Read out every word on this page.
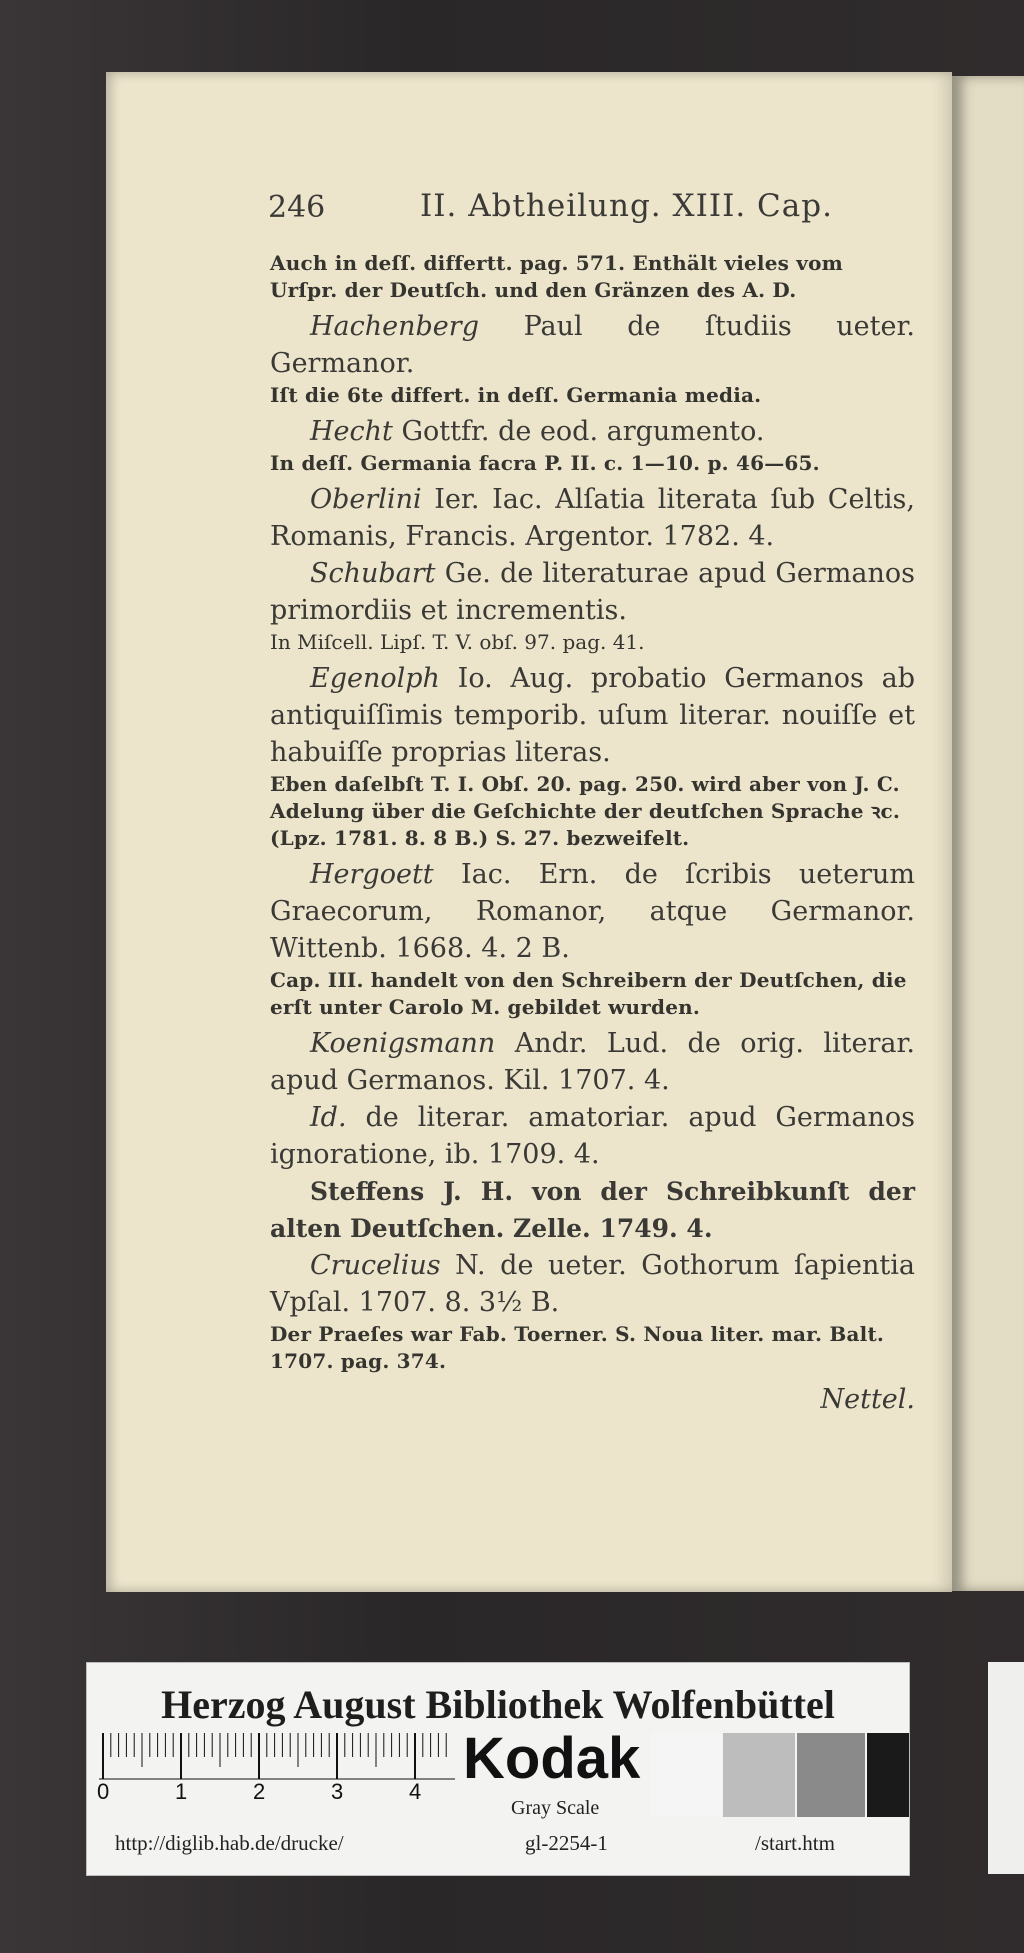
246	II. Abtheilung. XIII. Cap.

Auch in deſſ. differtt. pag. 571. Enthält vieles vom Urſpr. der Deutſch. und den Gränzen des A. D.

Hachenberg Paul de ſtudiis ueter. Germanor.

Iſt die 6te differt. in deſſ. Germania media.

Hecht Gottfr. de eod. argumento.

In deſſ. Germania facra P. II. c. 1—10. p. 46—65.

Oberlini Ier. Iac. Alſatia literata ſub Celtis, Romanis, Francis. Argentor. 1782. 4.

Schubart Ge. de literaturae apud Germanos primordiis et incrementis.

In Miſcell. Lipſ. T. V. obſ. 97. pag. 41.

Egenolph Io. Aug. probatio Germanos ab antiquiſſimis temporib. uſum literar. nouiſſe et habuiſſe proprias literas.

Eben daſelbſt T. I. Obſ. 20. pag. 250. wird aber von J. C. Adelung über die Geſchichte der deutſchen Sprache ꝛc. (Lpz. 1781. 8. 8 B.) S. 27. bezweifelt.

Hergoett Iac. Ern. de ſcribis ueterum Graecorum, Romanor, atque Germanor. Wittenb. 1668. 4. 2 B.

Cap. III. handelt von den Schreibern der Deutſchen, die erſt unter Carolo M. gebildet wurden.

Koenigsmann Andr. Lud. de orig. literar. apud Germanos. Kil. 1707. 4.

Id. de literar. amatoriar. apud Germanos ignoratione, ib. 1709. 4.

Steffens J. H. von der Schreibkunſt der alten Deutſchen. Zelle. 1749. 4.

Crucelius N. de ueter. Gothorum ſapientia Vpſal. 1707. 8. 3½ B.

Der Praeſes war Fab. Toerner. S. Noua liter. mar. Balt. 1707. pag. 374.

Nettel.
Herzog August Bibliothek Wolfenbüttel
0	1	2	3	4
Kodak
Gray Scale
http://diglib.hab.de/drucke/	gl-2254-1	/start.htm
